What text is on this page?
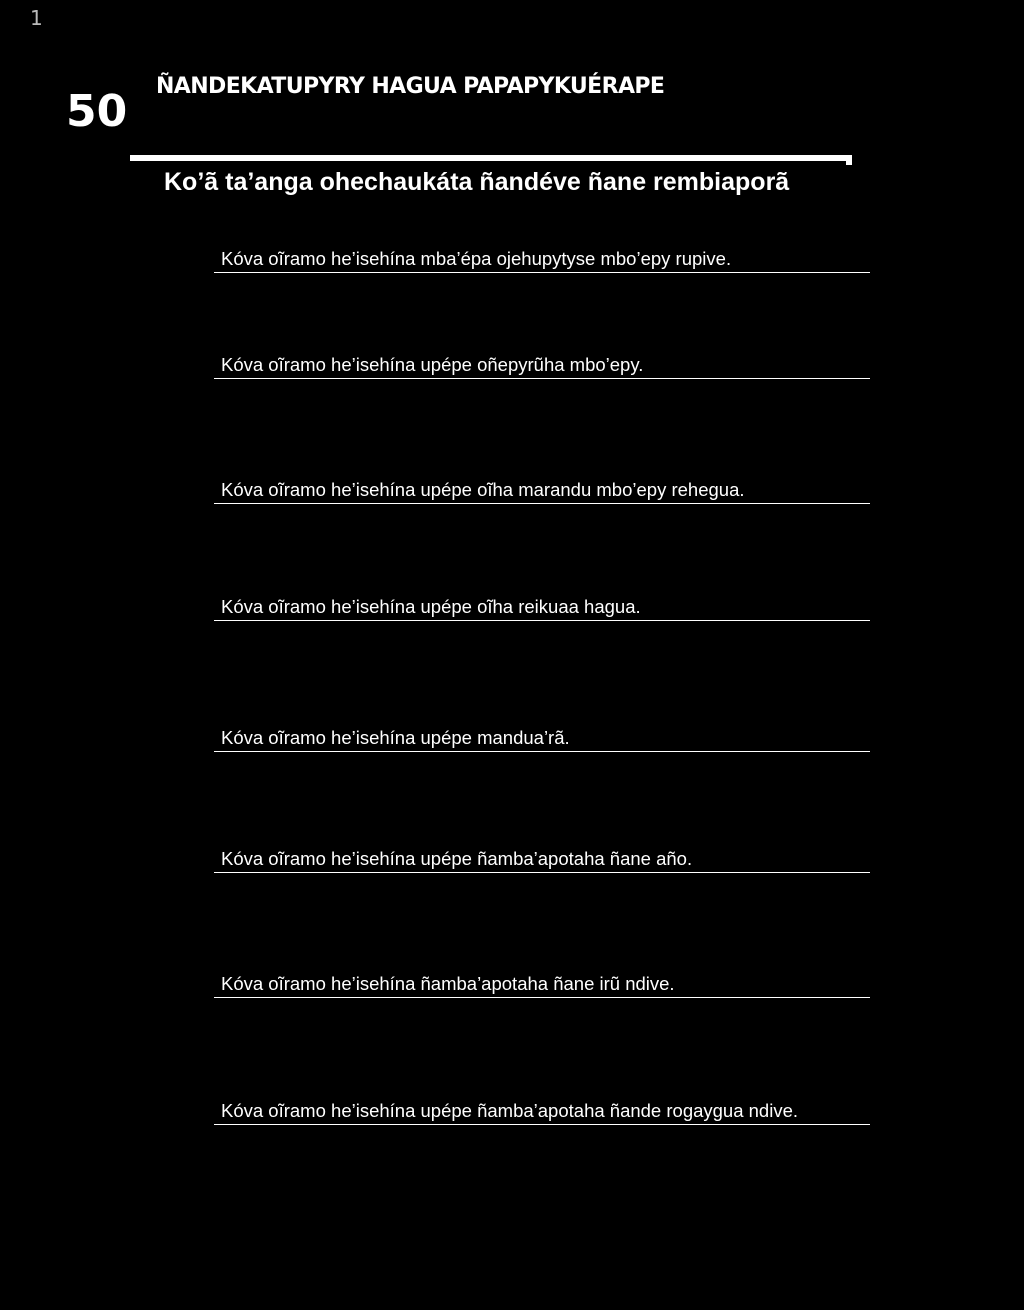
1
50 ÑANDEKATUPYRY HAGUA PAPAPYKUÉRAPE
Ko’ã ta’anga ohechaukáta ñandéve ñane rembiaporã
Kóva oĩramo he’isehína mba’épa ojehupytyse mbo’epy rupive.
Kóva oĩramo he’isehína upépe oñepyrũha mbo’epy.
Kóva oĩramo he’isehína upépe oĩha marandu mbo’epy rehegua.
Kóva oĩramo he’isehína upépe oĩha reikuaa hagua.
Kóva oĩramo he’isehína upépe mandua’rã.
Kóva oĩramo he’isehína upépe ñamba’apotaha ñane año.
Kóva oĩramo he’isehína ñamba’apotaha ñane irũ ndive.
Kóva oĩramo he’isehína upépe ñamba’apotaha ñande rogaygua ndive.
